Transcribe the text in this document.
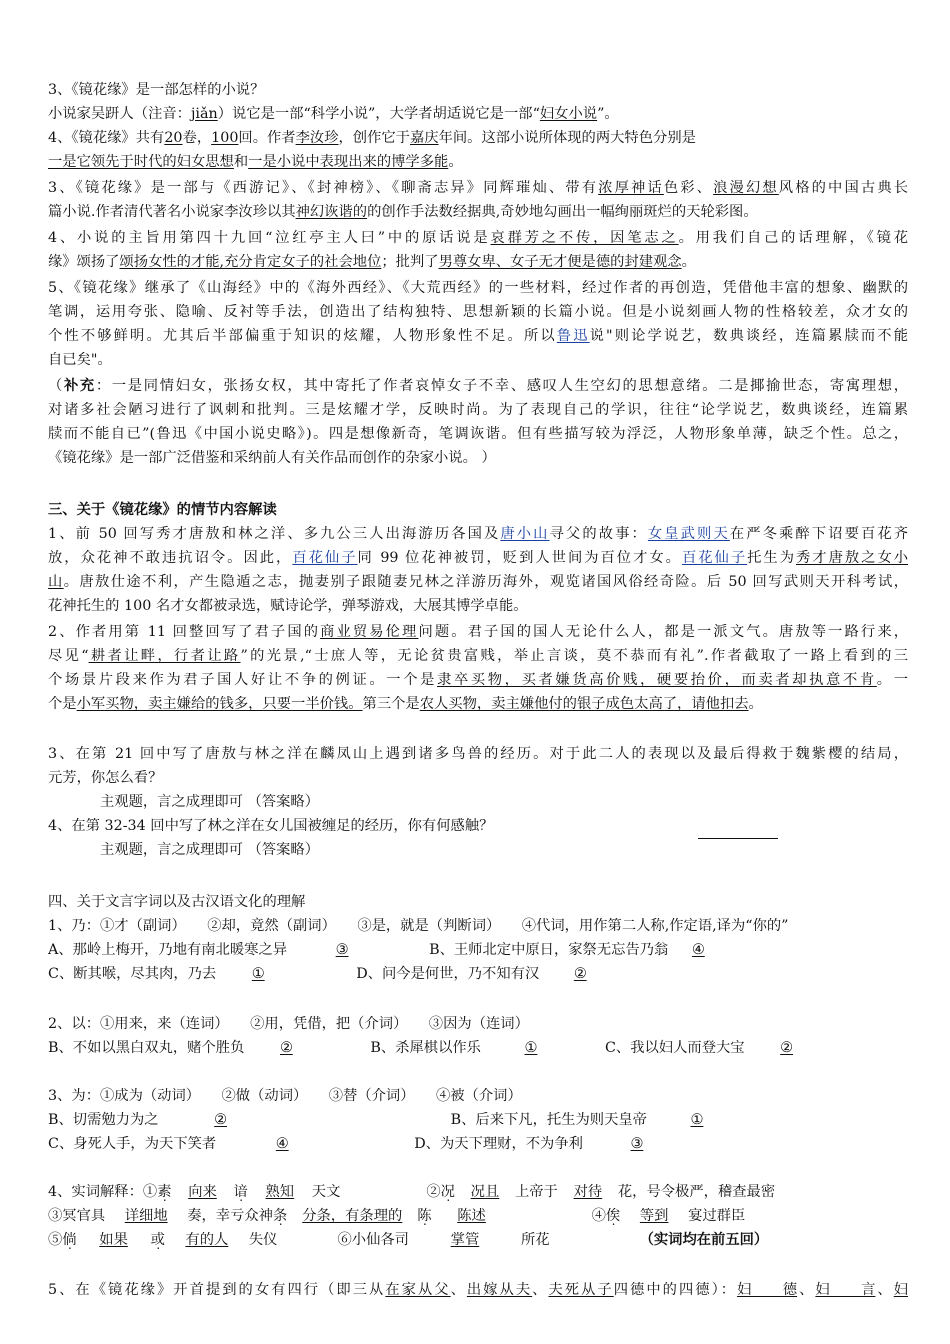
3、《镜花缘》是一部怎样的小说？
小说家吴趼人（注音：jiǎn）说它是一部“科学小说”，大学者胡适说它是一部“妇女小说”。
4、《镜花缘》共有20卷，100回。作者李汝珍，创作它于嘉庆年间。这部小说所体现的两大特色分别是
一是它领先于时代的妇女思想和一是小说中表现出来的博学多能。
3、《镜花缘》是一部与《西游记》、《封神榜》、《聊斋志异》同辉璀灿、带有浓厚神话色彩、浪漫幻想风格的中国古典长
篇小说.作者清代著名小说家李汝珍以其神幻诙谐的的创作手法数经据典,奇妙地勾画出一幅绚丽斑烂的天轮彩图。
4、小说的主旨用第四十九回“泣红亭主人曰”中的原话说是哀群芳之不传，因笔志之。用我们自己的话理解，《镜花
缘》颂扬了颂扬女性的才能,充分肯定女子的社会地位；批判了男尊女卑、女子无才便是德的封建观念。
5、《镜花缘》继承了《山海经》中的《海外西经》、《大荒西经》的一些材料，经过作者的再创造，凭借他丰富的想象、幽默的
笔调，运用夸张、隐喻、反衬等手法，创造出了结构独特、思想新颖的长篇小说。但是小说刻画人物的性格较差，众才女的
个性不够鲜明。尤其后半部偏重于知识的炫耀，人物形象性不足。所以鲁迅说"则论学说艺，数典谈经，连篇累牍而不能
自已矣"。
（补充：一是同情妇女，张扬女权，其中寄托了作者哀悼女子不幸、感叹人生空幻的思想意绪。二是揶揄世态，寄寓理想，
对诸多社会陋习进行了讽刺和批判。三是炫耀才学，反映时尚。为了表现自己的学识，往往“论学说艺，数典谈经，连篇累
牍而不能自已”(鲁迅《中国小说史略》)。四是想像新奇，笔调诙谐。但有些描写较为浮泛，人物形象单薄，缺乏个性。总之，
《镜花缘》是一部广泛借鉴和采纳前人有关作品而创作的杂家小说。 ）
三、关于《镜花缘》的情节内容解读
1、前 50 回写秀才唐敖和林之洋、多九公三人出海游历各国及唐小山寻父的故事：女皇武则天在严冬乘醉下诏要百花齐
放，众花神不敢违抗诏令。因此，百花仙子同 99 位花神被罚，贬到人世间为百位才女。百花仙子托生为秀才唐敖之女小
山。唐敖仕途不利，产生隐遁之志，抛妻别子跟随妻兄林之洋游历海外，观览诸国风俗经奇险。后 50 回写武则天开科考试，
花神托生的 100 名才女都被录选，赋诗论学，弹琴游戏，大展其博学卓能。
2、作者用第 11 回整回写了君子国的商业贸易伦理问题。君子国的国人无论什么人，都是一派文气。唐敖等一路行来，
尽见“耕者让畔，行者让路”的光景,“士庶人等，无论贫贵富贱，举止言谈，莫不恭而有礼”.作者截取了一路上看到的三
个场景片段来作为君子国人好让不争的例证。一个是隶卒买物，买者嫌货高价贱，硬要抬价，而卖者却执意不肯。一
个是小军买物，卖主嫌给的钱多，只要一半价钱。第三个是农人买物，卖主嫌他付的银子成色太高了，请他扣去。
3、在第 21 回中写了唐敖与林之洋在麟凤山上遇到诸多鸟兽的经历。对于此二人的表现以及最后得救于魏紫樱的结局，
元芳，你怎么看？
主观题，言之成理即可 （答案略）
4、在第 32-34 回中写了林之洋在女儿国被缠足的经历，你有何感触？
主观题，言之成理即可 （答案略）
四、关于文言字词以及古汉语文化的理解
1、乃：①才（副词）　　②却，竟然（副词）　　③是，就是（判断词）　　④代词，用作第二人称,作定语,译为“你的”
A、那岭上梅开，乃地有南北暖寒之异	③	B、王师北定中原日，家祭无忘告乃翁 ④
C、断其喉，尽其肉，乃去 ①	D、问今是何世，乃不知有汉 ②
2、以：①用来，来（连词）　　②用，凭借，把（介词）　　③因为（连词）
B、不如以黑白双丸，赌个胜负 ②	B、杀犀棋以作乐	①	C、我以妇人而登大宝 ②
3、为：①成为（动词）　　②做（动词）　　③替（介词）　　④被（介词）
B、切需勉力为之	②	B、后来下凡，托生为则天皇帝	①
C、身死人手，为天下笑者	④	D、为天下理财，不为争利	③
4、实词解释：①素 向来 谙 熟知 天文	②况 况且 上帝于 对待 花，号令极严，稽查最密
③冥官具 详细地 奏，幸亏众神条 分条，有条理的 陈 陈述	④俟 等到 宴过群臣
⑤倘 如果 或 有的人 失仪	⑥小仙各司	掌管	所花	（实词均在前五回）
5、在《镜花缘》开首提到的女有四行（即三从在家从父、出嫁从夫、夫死从子四德中的四德）：妇德、妇言、妇
